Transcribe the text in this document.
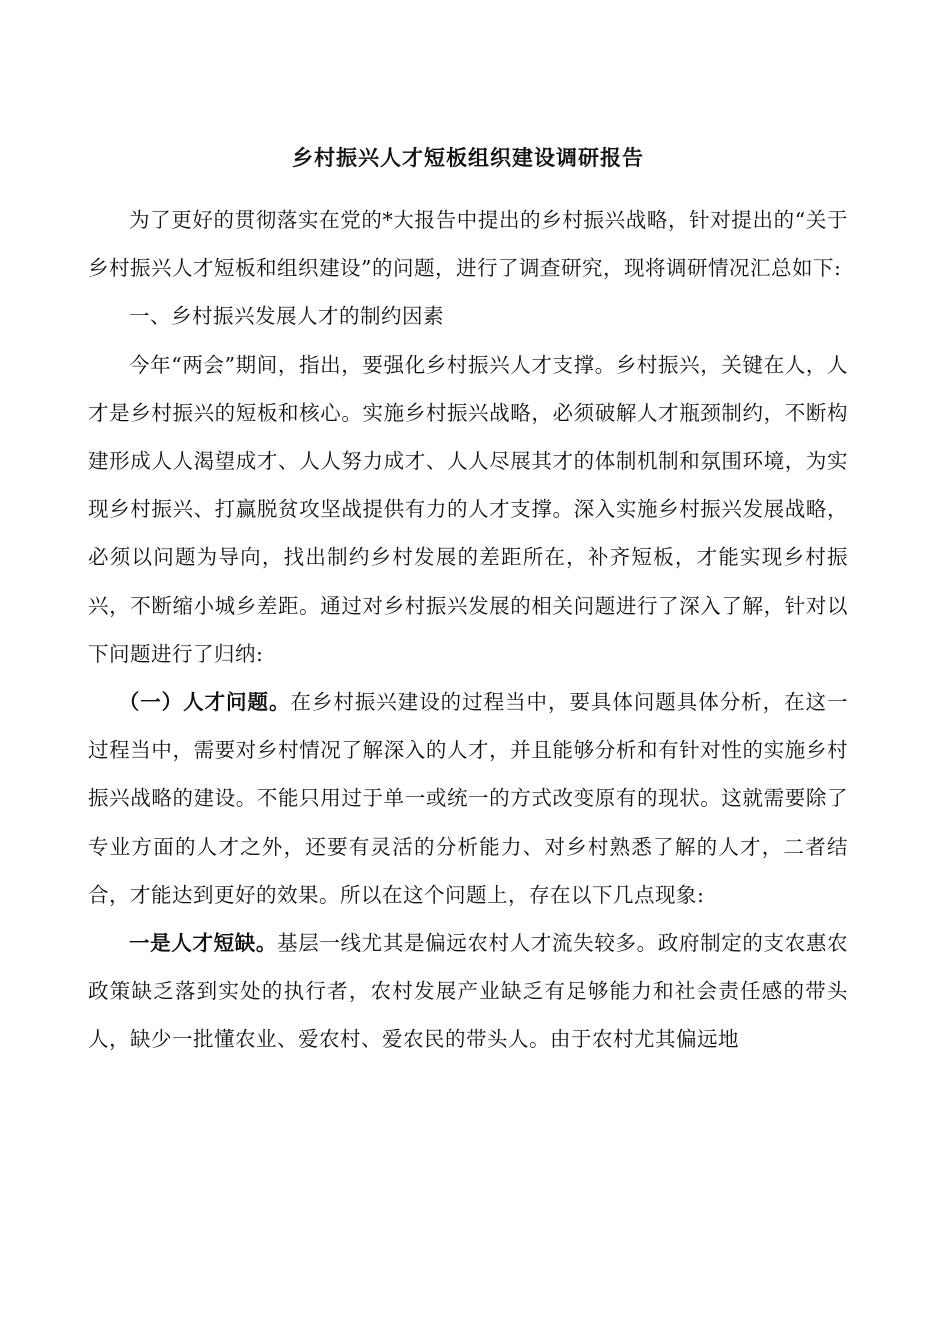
乡村振兴人才短板组织建设调研报告

为了更好的贯彻落实在党的*大报告中提出的乡村振兴战略，针对提出的“关于乡村振兴人才短板和组织建设”的问题，进行了调查研究，现将调研情况汇总如下:

一、乡村振兴发展人才的制约因素

今年“两会”期间，指出，要强化乡村振兴人才支撑。乡村振兴，关键在人，人才是乡村振兴的短板和核心。实施乡村振兴战略，必须破解人才瓶颈制约，不断构建形成人人渴望成才、人人努力成才、人人尽展其才的体制机制和氛围环境，为实现乡村振兴、打赢脱贫攻坚战提供有力的人才支撑。深入实施乡村振兴发展战略，必须以问题为导向，找出制约乡村发展的差距所在，补齐短板，才能实现乡村振兴，不断缩小城乡差距。通过对乡村振兴发展的相关问题进行了深入了解，针对以下问题进行了归纳:

（一）人才问题。在乡村振兴建设的过程当中，要具体问题具体分析，在这一过程当中，需要对乡村情况了解深入的人才，并且能够分析和有针对性的实施乡村振兴战略的建设。不能只用过于单一或统一的方式改变原有的现状。这就需要除了专业方面的人才之外，还要有灵活的分析能力、对乡村熟悉了解的人才，二者结合，才能达到更好的效果。所以在这个问题上，存在以下几点现象:

一是人才短缺。基层一线尤其是偏远农村人才流失较多。政府制定的支农惠农政策缺乏落到实处的执行者，农村发展产业缺乏有足够能力和社会责任感的带头人，缺少一批懂农业、爱农村、爱农民的带头人。由于农村尤其偏远地
